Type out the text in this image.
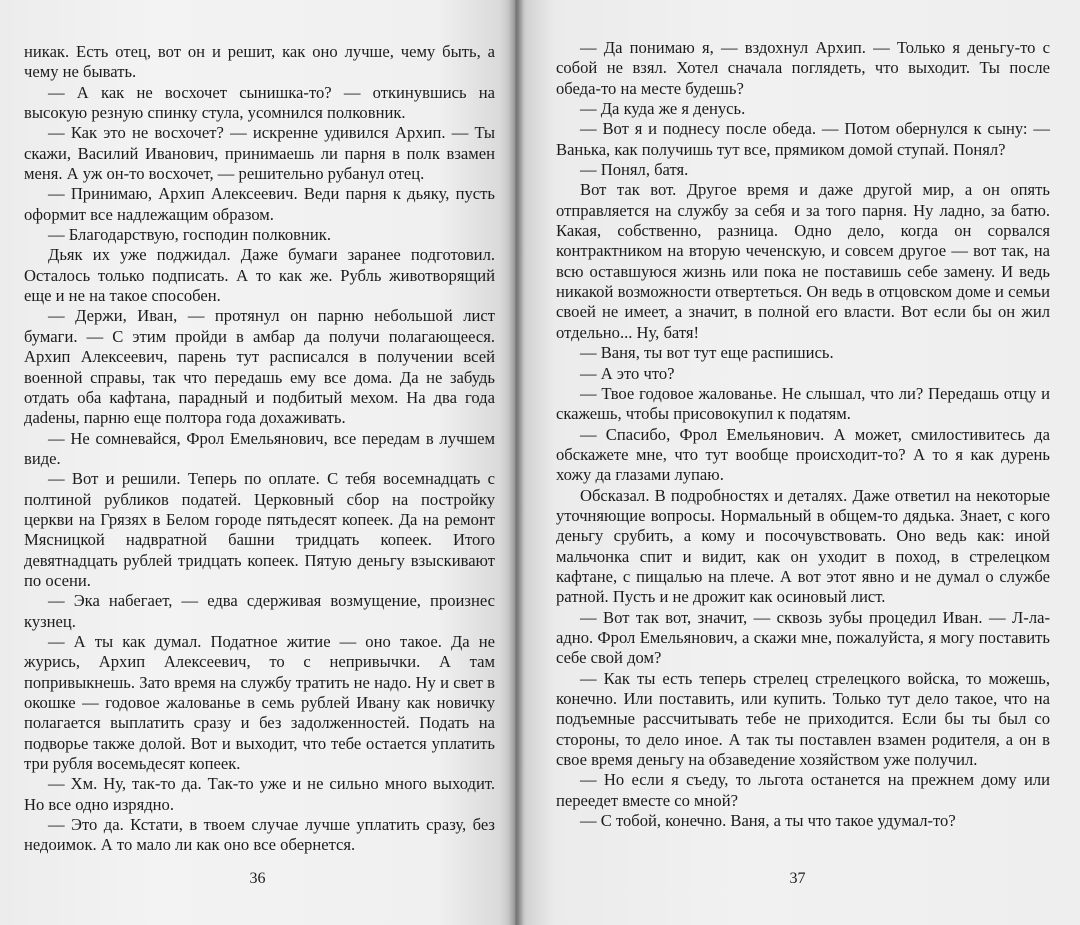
никак. Есть отец, вот он и решит, как оно лучше, чему быть, а чему не бывать.

— А как не восхочет сынишка-то? — откинувшись на высокую резную спинку стула, усомнился полковник.

— Как это не восхочет? — искренне удивился Архип. — Ты скажи, Василий Иванович, принимаешь ли парня в полк взамен меня. А уж он-то восхочет, — решительно рубанул отец.

— Принимаю, Архип Алексеевич. Веди парня к дьяку, пусть оформит все надлежащим образом.

— Благодарствую, господин полковник.

Дьяк их уже поджидал. Даже бумаги заранее подготовил. Осталось только подписать. А то как же. Рубль животворящий еще и не на такое способен.

— Держи, Иван, — протянул он парню небольшой лист бумаги. — С этим пройди в амбар да получи полагающееся. Архип Алексеевич, парень тут расписался в получении всей военной справы, так что передашь ему все дома. Да не забудь отдать оба кафтана, парадный и подбитый мехом. На два года даdены, парню еще полтора года дохаживать.

— Не сомневайся, Фрол Емельянович, все передам в лучшем виде.

— Вот и решили. Теперь по оплате. С тебя восемнадцать с полтиной рубликов податей. Церковный сбор на постройку церкви на Грязях в Белом городе пятьдесят копеек. Да на ремонт Мясницкой надвратной башни тридцать копеек. Итого девятнадцать рублей тридцать копеек. Пятую деньгу взыскивают по осени.

— Эка набегает, — едва сдерживая возмущение, произнес кузнец.

— А ты как думал. Податное житие — оно такое. Да не журись, Архип Алексеевич, то с непривычки. А там попривыкнешь. Зато время на службу тратить не надо. Ну и свет в окошке — годовое жалованье в семь рублей Ивану как новичку полагается выплатить сразу и без задолженностей. Подать на подворье также долой. Вот и выходит, что тебе остается уплатить три рубля восемьдесят копеек.

— Хм. Ну, так-то да. Так-то уже и не сильно много выходит. Но все одно изрядно.

— Это да. Кстати, в твоем случае лучше уплатить сразу, без недоимок. А то мало ли как оно все обернется.

36

— Да понимаю я, — вздохнул Архип. — Только я деньгу-то с собой не взял. Хотел сначала поглядеть, что выходит. Ты после обеда-то на месте будешь?

— Да куда же я денусь.

— Вот я и поднесу после обеда. — Потом обернулся к сыну: — Ванька, как получишь тут все, прямиком домой ступай. Понял?

— Понял, батя.

Вот так вот. Другое время и даже другой мир, а он опять отправляется на службу за себя и за того парня. Ну ладно, за батю. Какая, собственно, разница. Одно дело, когда он сорвался контрактником на вторую чеченскую, и совсем другое — вот так, на всю оставшуюся жизнь или пока не поставишь себе замену. И ведь никакой возможности отвертеться. Он ведь в отцовском доме и семьи своей не имеет, а значит, в полной его власти. Вот если бы он жил отдельно... Ну, батя!

— Ваня, ты вот тут еще распишись.

— А это что?

— Твое годовое жалованье. Не слышал, что ли? Передашь отцу и скажешь, чтобы присовокупил к податям.

— Спасибо, Фрол Емельянович. А может, смилостивитесь да обскажете мне, что тут вообще происходит-то? А то я как дурень хожу да глазами лупаю.

Обсказал. В подробностях и деталях. Даже ответил на некоторые уточняющие вопросы. Нормальный в общем-то дядька. Знает, с кого деньгу срубить, а кому и посочувствовать. Оно ведь как: иной мальчонка спит и видит, как он уходит в поход, в стрелецком кафтане, с пищалью на плече. А вот этот явно и не думал о службе ратной. Пусть и не дрожит как осиновый лист.

— Вот так вот, значит, — сквозь зубы процедил Иван. — Л-ла-адно. Фрол Емельянович, а скажи мне, пожалуйста, я могу поставить себе свой дом?

— Как ты есть теперь стрелец стрелецкого войска, то можешь, конечно. Или поставить, или купить. Только тут дело такое, что на подъемные рассчитывать тебе не приходится. Если бы ты был со стороны, то дело иное. А так ты поставлен взамен родителя, а он в свое время деньгу на обзаведение хозяйством уже получил.

— Но если я съеду, то льгота останется на прежнем дому или переедет вместе со мной?

— С тобой, конечно. Ваня, а ты что такое удумал-то?

37
